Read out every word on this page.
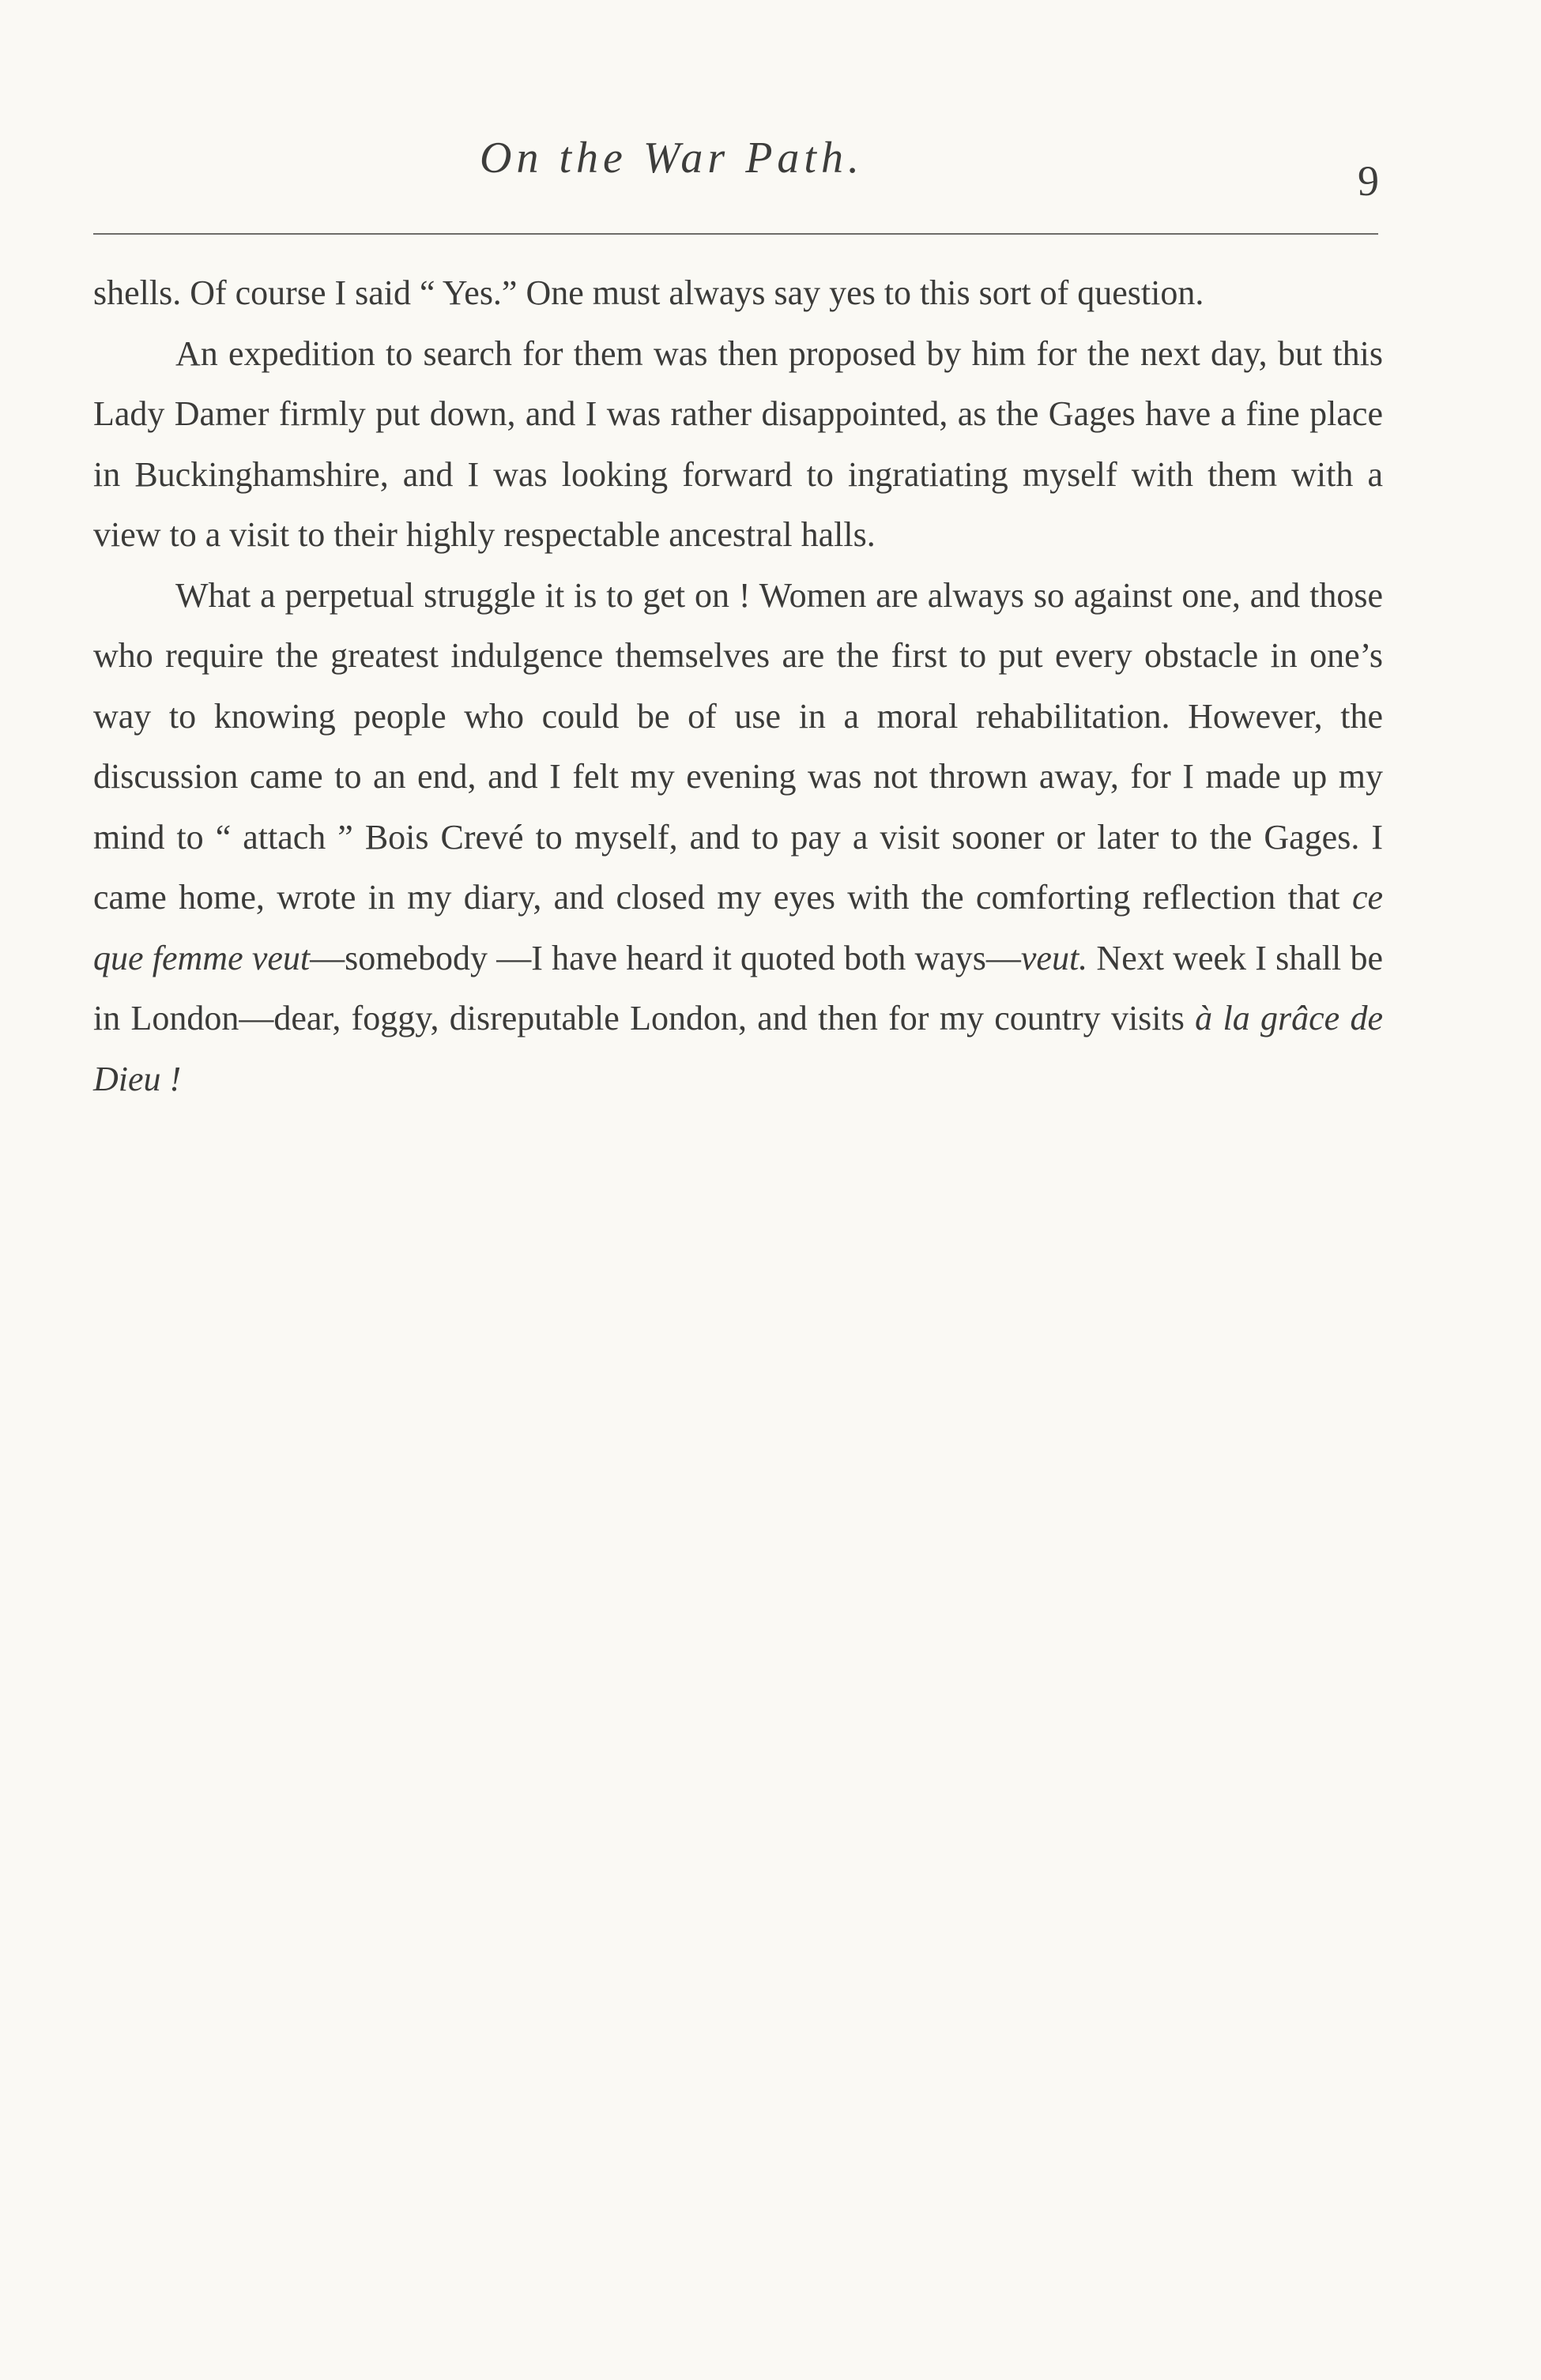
On the War Path.	9

shells. Of course I said “ Yes.” One must always say yes to this sort of question.

An expedition to search for them was then proposed by him for the next day, but this Lady Damer firmly put down, and I was rather disappointed, as the Gages have a fine place in Buckinghamshire, and I was looking forward to ingratiating myself with them with a view to a visit to their highly respectable ancestral halls.

What a perpetual struggle it is to get on ! Women are always so against one, and those who require the greatest indulgence themselves are the first to put every obstacle in one’s way to knowing people who could be of use in a moral rehabilitation. However, the discussion came to an end, and I felt my evening was not thrown away, for I made up my mind to “ attach ” Bois Crevé to myself, and to pay a visit sooner or later to the Gages. I came home, wrote in my diary, and closed my eyes with the comforting reflection that ce que femme veut—somebody —I have heard it quoted both ways—veut. Next week I shall be in London—dear, foggy, disreputable London, and then for my country visits à la grâce de Dieu !
